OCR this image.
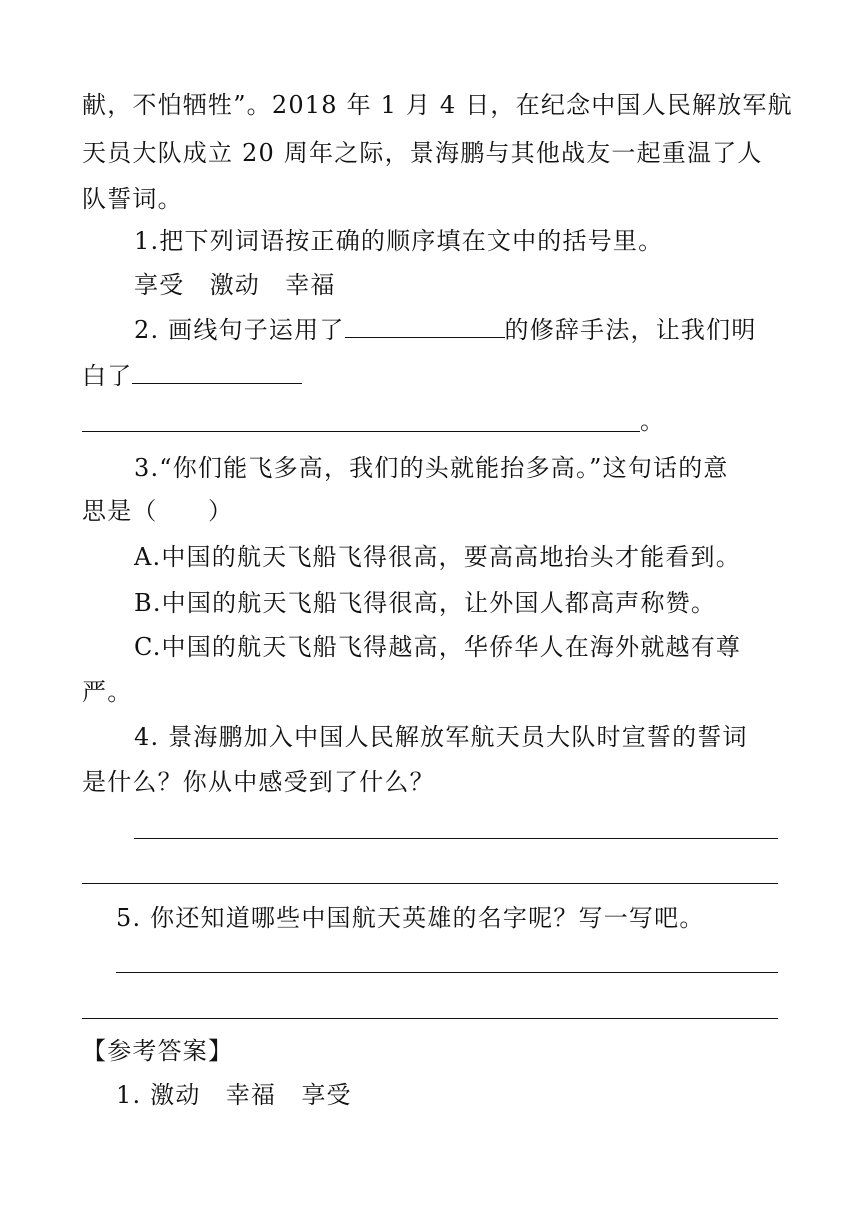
献，不怕牺牲”。2018 年 1 月 4 日，在纪念中国人民解放军航
天员大队成立 20 周年之际，景海鹏与其他战友一起重温了人
队誓词。
1.把下列词语按正确的顺序填在文中的括号里。
享受　激动　幸福
2. 画线句子运用了	的修辞手法，让我们明
白了
。
3.“你们能飞多高，我们的头就能抬多高。”这句话的意
思是（　　）
A.中国的航天飞船飞得很高，要高高地抬头才能看到。
B.中国的航天飞船飞得很高，让外国人都高声称赞。
C.中国的航天飞船飞得越高，华侨华人在海外就越有尊
严。
4. 景海鹏加入中国人民解放军航天员大队时宣誓的誓词
是什么？你从中感受到了什么？
5. 你还知道哪些中国航天英雄的名字呢？写一写吧。
【参考答案】
1. 激动　幸福　享受
